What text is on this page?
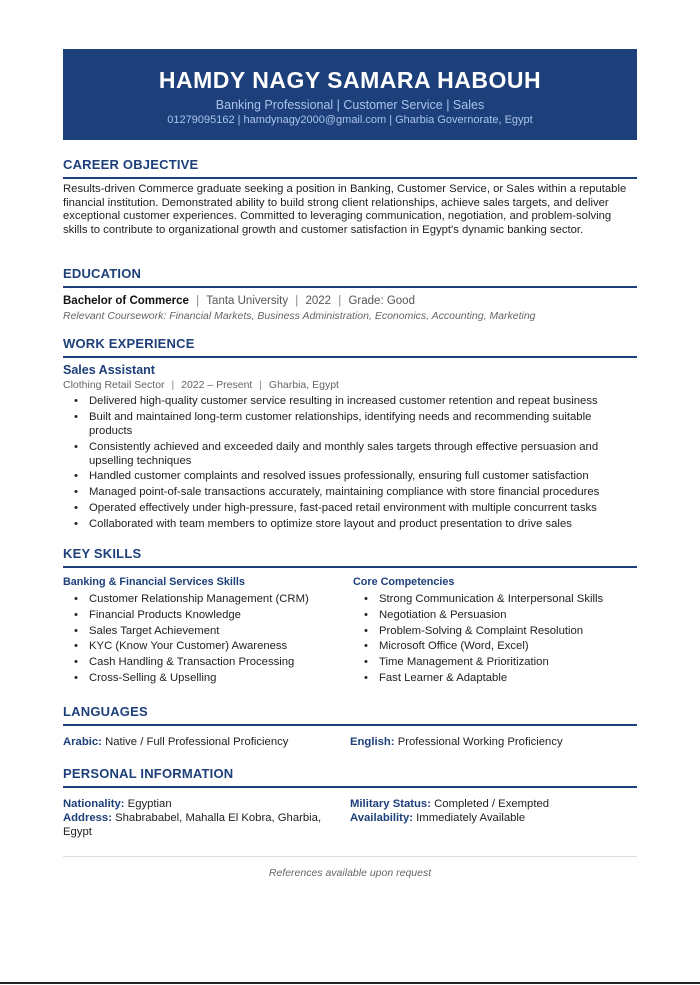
HAMDY NAGY SAMARA HABOUH
Banking Professional | Customer Service | Sales
01279095162 | hamdynagy2000@gmail.com | Gharbia Governorate, Egypt
CAREER OBJECTIVE
Results-driven Commerce graduate seeking a position in Banking, Customer Service, or Sales within a reputable financial institution. Demonstrated ability to build strong client relationships, achieve sales targets, and deliver exceptional customer experiences. Committed to leveraging communication, negotiation, and problem-solving skills to contribute to organizational growth and customer satisfaction in Egypt's dynamic banking sector.
EDUCATION
Bachelor of Commerce | Tanta University | 2022 | Grade: Good
Relevant Coursework: Financial Markets, Business Administration, Economics, Accounting, Marketing
WORK EXPERIENCE
Sales Assistant
Clothing Retail Sector | 2022 – Present | Gharbia, Egypt
• Delivered high-quality customer service resulting in increased customer retention and repeat business
• Built and maintained long-term customer relationships, identifying needs and recommending suitable products
• Consistently achieved and exceeded daily and monthly sales targets through effective persuasion and upselling techniques
• Handled customer complaints and resolved issues professionally, ensuring full customer satisfaction
• Managed point-of-sale transactions accurately, maintaining compliance with store financial procedures
• Operated effectively under high-pressure, fast-paced retail environment with multiple concurrent tasks
• Collaborated with team members to optimize store layout and product presentation to drive sales
KEY SKILLS
Banking & Financial Services Skills
• Customer Relationship Management (CRM)
• Financial Products Knowledge
• Sales Target Achievement
• KYC (Know Your Customer) Awareness
• Cash Handling & Transaction Processing
• Cross-Selling & Upselling
Core Competencies
• Strong Communication & Interpersonal Skills
• Negotiation & Persuasion
• Problem-Solving & Complaint Resolution
• Microsoft Office (Word, Excel)
• Time Management & Prioritization
• Fast Learner & Adaptable
LANGUAGES
Arabic: Native / Full Professional Proficiency	English: Professional Working Proficiency
PERSONAL INFORMATION
Nationality: Egyptian
Address: Shabrababel, Mahalla El Kobra, Gharbia, Egypt
Military Status: Completed / Exempted
Availability: Immediately Available
References available upon request
